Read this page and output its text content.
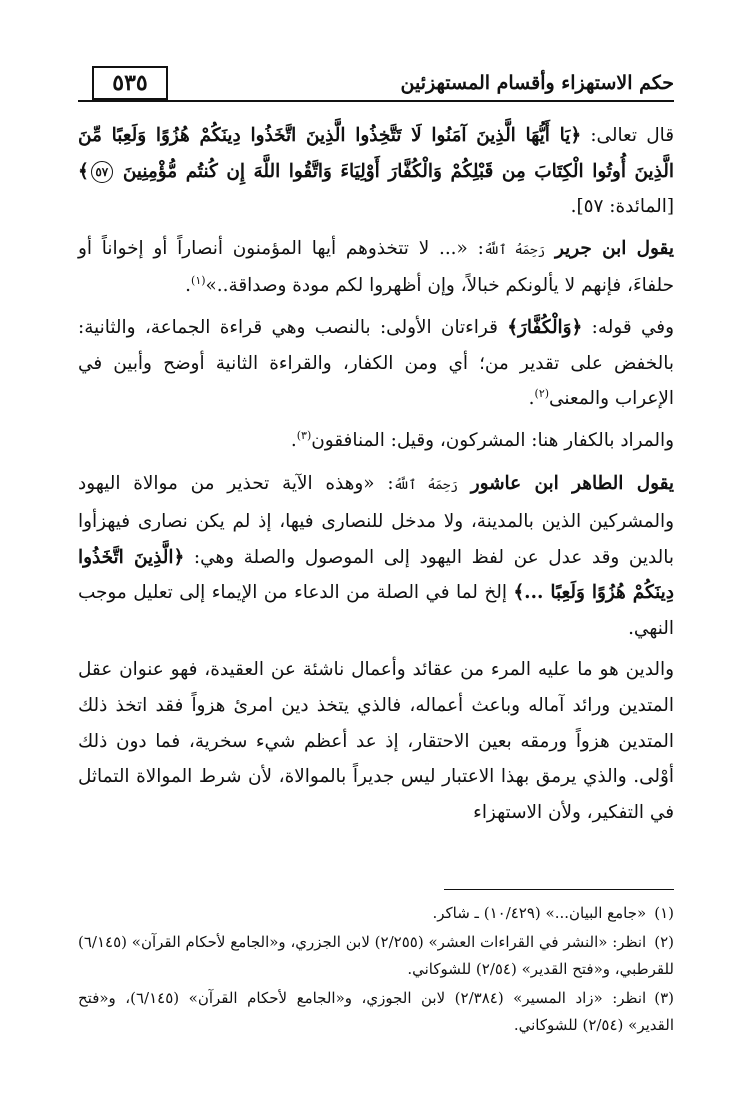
٥٣٥	حكم الاستهزاء وأقسام المستهزئين

قال تعالى: ﴿يَا أَيُّهَا الَّذِينَ آمَنُوا لَا تَتَّخِذُوا الَّذِينَ اتَّخَذُوا دِينَكُمْ هُزُوًا وَلَعِبًا مِّنَ الَّذِينَ أُوتُوا الْكِتَابَ مِن قَبْلِكُمْ وَالْكُفَّارَ أَوْلِيَاءَ وَاتَّقُوا اللَّهَ إِن كُنتُم مُّؤْمِنِينَ ٥٧﴾ [المائدة: ٥٧].

يقول ابن جرير رَحِمَهُ ٱللَّهُ: «... لا تتخذوهم أيها المؤمنون أنصاراً أو إخواناً أو حلفاءَ، فإنهم لا يألونكم خبالاً، وإن أظهروا لكم مودة وصداقة..»$^{(١)}$.

وفي قوله: ﴿وَالْكُفَّارَ﴾ قراءتان الأولى: بالنصب وهي قراءة الجماعة، والثانية: بالخفض على تقدير من؛ أي ومن الكفار، والقراءة الثانية أوضح وأبين في الإعراب والمعنى$^{(٢)}$.

والمراد بالكفار هنا: المشركون، وقيل: المنافقون$^{(٣)}$.

يقول الطاهر ابن عاشور رَحِمَهُ ٱللَّهُ: «وهذه الآية تحذير من موالاة اليهود والمشركين الذين بالمدينة، ولا مدخل للنصارى فيها، إذ لم يكن نصارى فيهزأوا بالدين وقد عدل عن لفظ اليهود إلى الموصول والصلة وهي: ﴿الَّذِينَ اتَّخَذُوا دِينَكُمْ هُزُوًا وَلَعِبًا ...﴾ إلخ لما في الصلة من الدعاء من الإيماء إلى تعليل موجب النهي.

والدين هو ما عليه المرء من عقائد وأعمال ناشئة عن العقيدة، فهو عنوان عقل المتدين ورائد آماله وباعث أعماله، فالذي يتخذ دين امرئ هزواً فقد اتخذ ذلك المتدين هزواً ورمقه بعين الاحتقار، إذ عد أعظم شيء سخرية، فما دون ذلك أوْلى. والذي يرمق بهذا الاعتبار ليس جديراً بالموالاة، لأن شرط الموالاة التماثل في التفكير، ولأن الاستهزاء

(١)«جامع البيان...» (١٠/٤٢٩) ـ شاكر.

(٢)انظر: «النشر في القراءات العشر» (٢/٢٥٥) لابن الجزري، و«الجامع لأحكام القرآن» (٦/١٤٥) للقرطبي، و«فتح القدير» (٢/٥٤) للشوكاني.

(٣)انظر: «زاد المسير» (٢/٣٨٤) لابن الجوزي، و«الجامع لأحكام القرآن» (٦/١٤٥)، و«فتح القدير» (٢/٥٤) للشوكاني.
